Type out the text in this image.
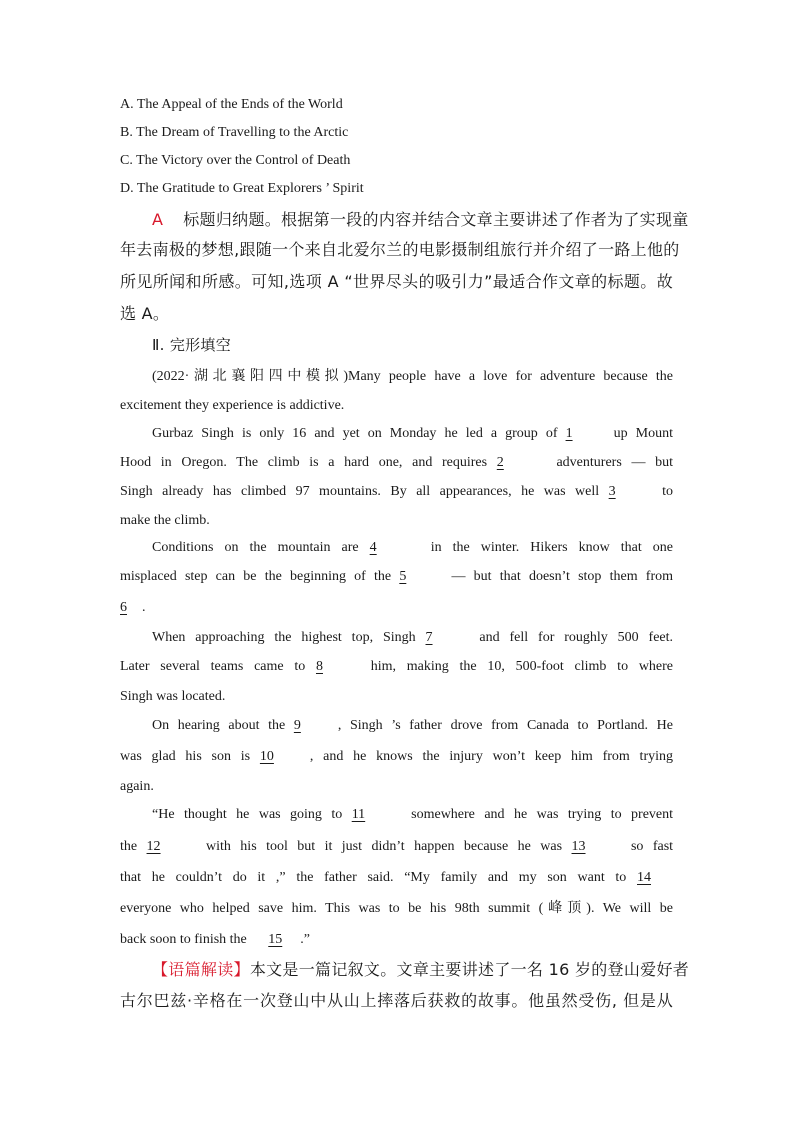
A. The Appeal of the Ends of the World
B. The Dream of Travelling to the Arctic
C. The Victory over the Control of Death
D. The Gratitude to Great Explorers ’ Spirit
A 标题归纳题。根据第一段的内容并结合文章主要讲述了作者为了实现童
年去南极的梦想,跟随一个来自北爱尔兰的电影摄制组旅行并介绍了一路上他的
所见所闻和所感。可知,选项 A “世界尽头的吸引力”最适合作文章的标题。故
选 A。
Ⅱ. 完形填空
(2022·湖北襄阳四中模拟)Many people have a love for adventure because the
excitement they experience is addictive.
Gurbaz Singh is only 16 and yet on Monday he led a group of 1	up Mount
Hood in Oregon. The climb is a hard one, and requires 2	adventurers — but
Singh already has climbed 97 mountains. By all appearances, he was well 3	to
make the climb.
Conditions on the mountain are 4	in the winter. Hikers know that one
misplaced step can be the beginning of the 5	— but that doesn’t stop them from
6 .
When approaching the highest top, Singh 7	and fell for roughly 500 feet.
Later several teams came to 8	him, making the 10, 500-foot climb to where
Singh was located.
On hearing about the 9	, Singh ’s father drove from Canada to Portland. He
was glad his son is 10	, and he knows the injury won’t keep him from trying
again.
“He thought he was going to 11	somewhere and he was trying to prevent
the 12	with his tool but it just didn’t happen because he was 13	so fast
that he couldn’t do it ,” the father said. “My family and my son want to 14
everyone who helped save him. This was to be his 98th summit (峰顶). We will be
back soon to finish the 15 .”
【语篇解读】本文是一篇记叙文。文章主要讲述了一名 16 岁的登山爱好者
古尔巴兹·辛格在一次登山中从山上摔落后获救的故事。他虽然受伤, 但是从
